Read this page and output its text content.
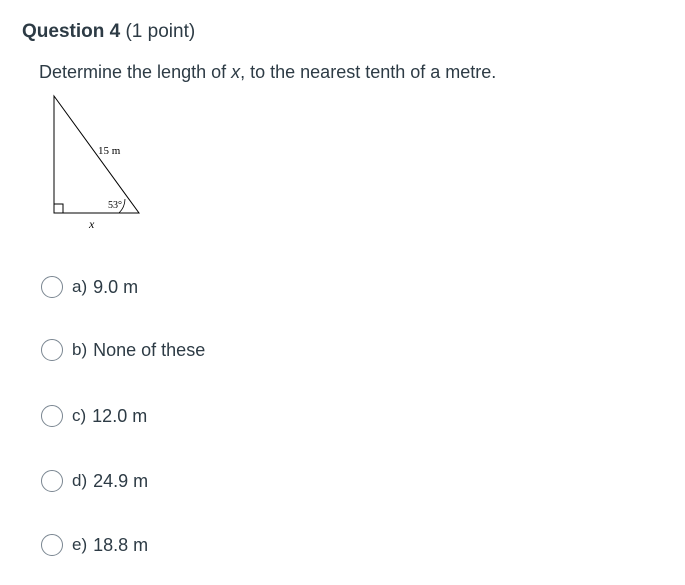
Question 4 (1 point)
Determine the length of x, to the nearest tenth of a metre.
15 m
53°
x
a) 9.0 m
b) None of these
c) 12.0 m
d) 24.9 m
e) 18.8 m
